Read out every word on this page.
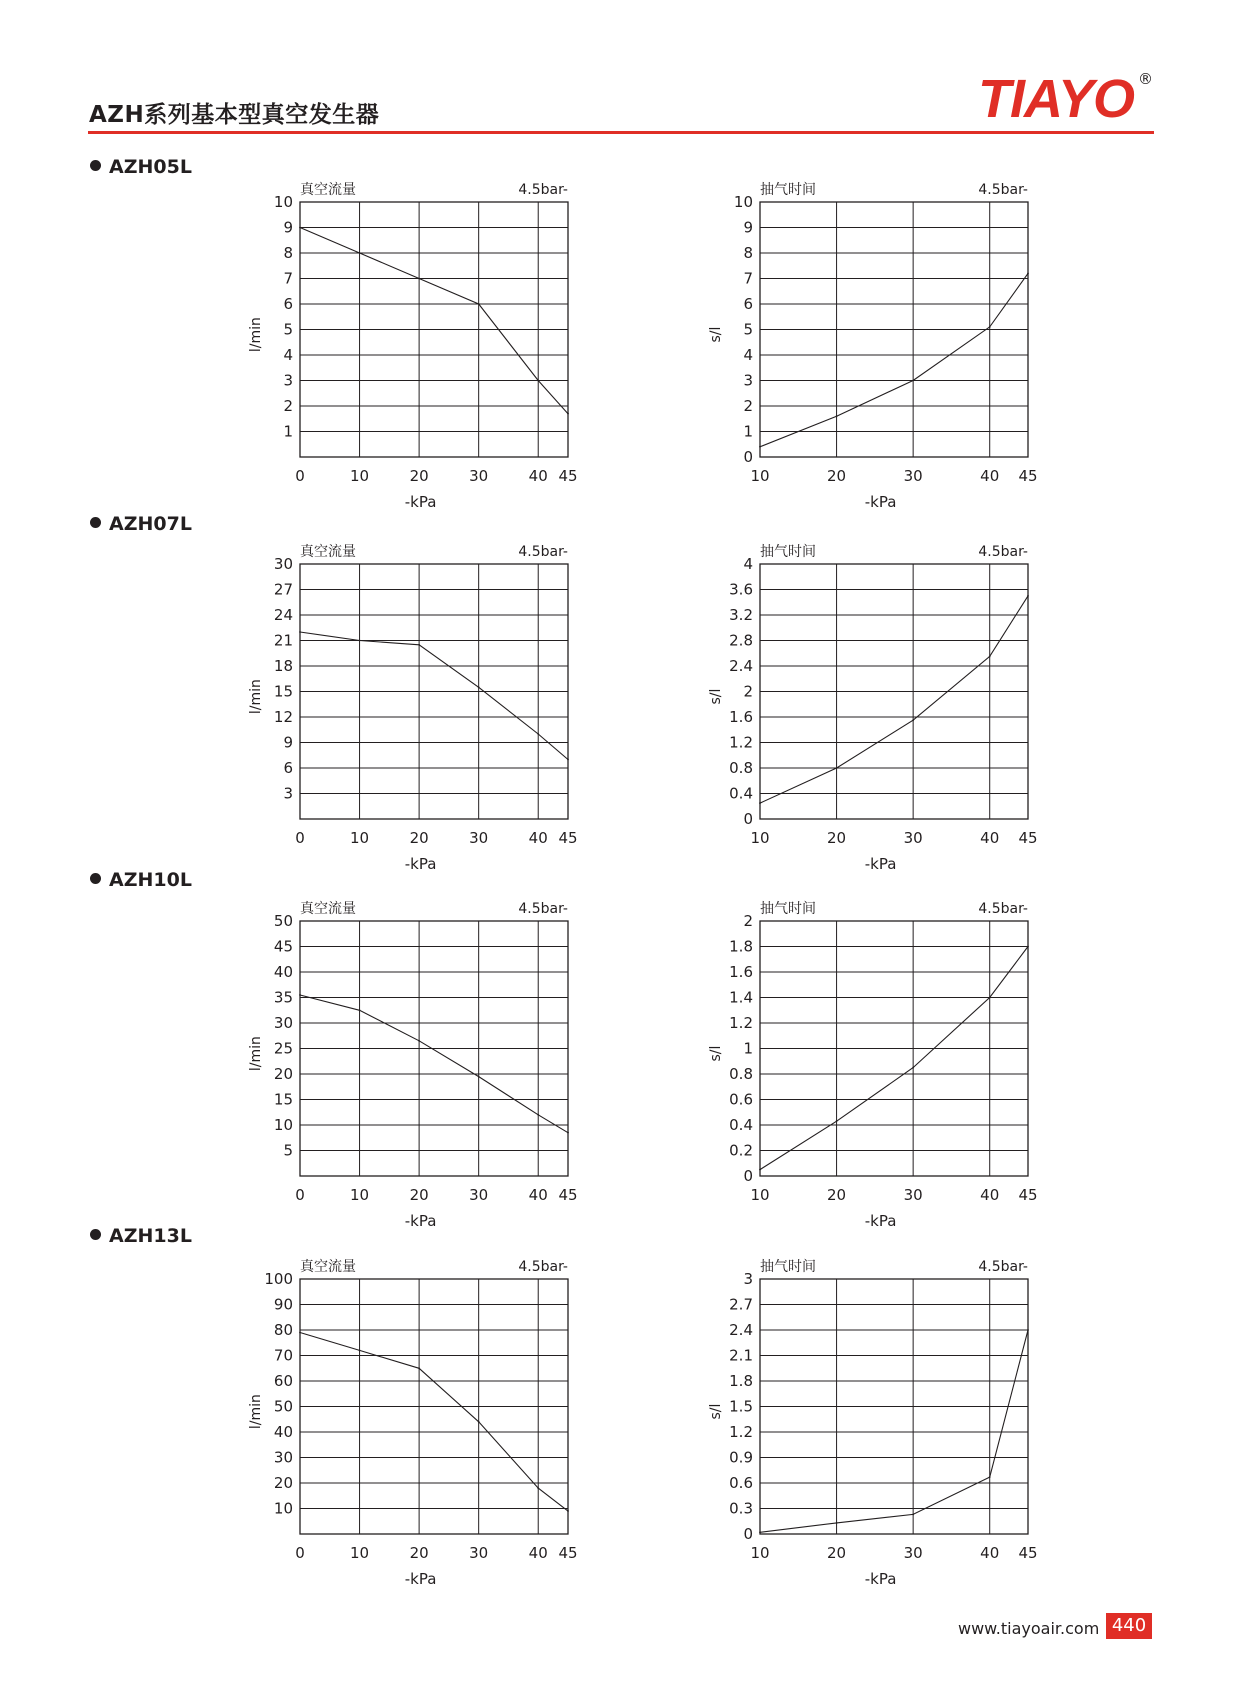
AZH系列基本型真空发生器	TIAYO ®
AZH05L
AZH07L
AZH10L
AZH13L
0	10	20	30	40 45
1
2
3
4
5
6
7
8
9
10
真空流量	4.5bar-
-kPa
l/min
10	20	30	40 45
0
1
2
3
4
5
6
7
8
9
10
抽气时间	4.5bar-
-kPa
s/l
0	10	20	30	40 45
3
6
9
12
15
18
21
24
27
30
真空流量	4.5bar-
-kPa
l/min
10	20	30	40 45
0
0.4
0.8
1.2
1.6
2
2.4
2.8
3.2
3.6
4
抽气时间	4.5bar-
-kPa
s/l
0	10	20	30	40 45
5
10
15
20
25
30
35
40
45
50
真空流量	4.5bar-
-kPa
l/min
10	20	30	40 45
0
0.2
0.4
0.6
0.8
1
1.2
1.4
1.6
1.8
2
抽气时间	4.5bar-
-kPa
s/l
0	10	20	30	40 45
10
20
30
40
50
60
70
80
90
100
真空流量	4.5bar-
-kPa
l/min
10	20	30	40 45
0
0.3
0.6
0.9
1.2
1.5
1.8
2.1
2.4
2.7
3
抽气时间	4.5bar-
-kPa
s/l
www.tiayoair.com 440
